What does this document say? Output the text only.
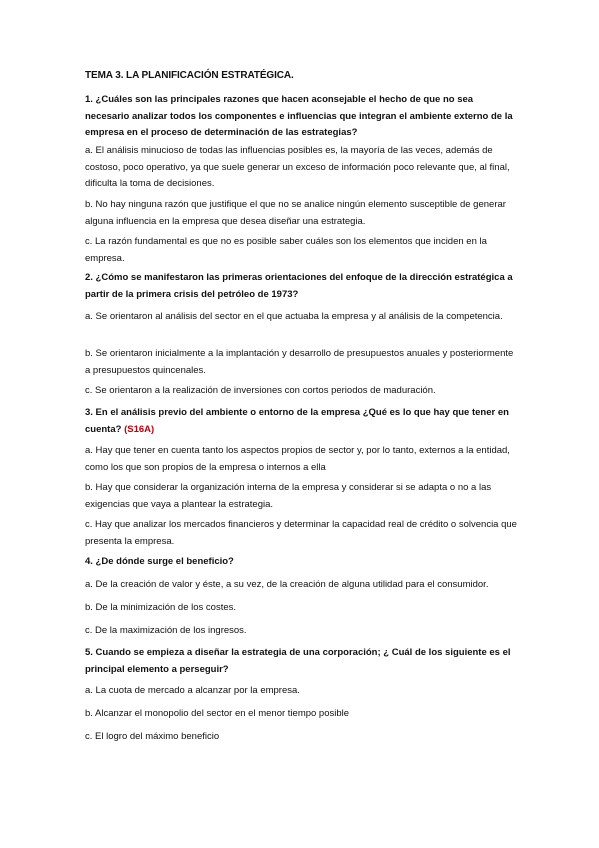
TEMA 3. LA PLANIFICACIÓN ESTRATÉGICA.
1. ¿Cuáles son las principales razones que hacen aconsejable el hecho de que no sea necesario analizar todos los componentes e influencias que integran el ambiente externo de la empresa en el proceso de determinación de las estrategias?
a. El análisis minucioso de todas las influencias posibles es, la mayoría de las veces, además de costoso, poco operativo, ya que suele generar un exceso de información poco relevante que, al final, dificulta la toma de decisiones.
b. No hay ninguna razón que justifique el que no se analice ningún elemento susceptible de generar alguna influencia en la empresa que desea diseñar una estrategia.
c. La razón fundamental es que no es posible saber cuáles son los elementos que inciden en la empresa.
2. ¿Cómo se manifestaron las primeras orientaciones del enfoque de la dirección estratégica a partir de la primera crisis del petróleo de 1973?
a. Se orientaron al análisis del sector en el que actuaba la empresa y al análisis de la competencia.
b. Se orientaron inicialmente a la implantación y desarrollo de presupuestos anuales y posteriormente a presupuestos quincenales.
c. Se orientaron a la realización de inversiones con cortos periodos de maduración.
3. En el análisis previo del ambiente o entorno de la empresa ¿Qué es lo que hay que tener en cuenta? (S16A)
a. Hay que tener en cuenta tanto los aspectos propios de sector y, por lo tanto, externos a la entidad, como los que son propios de la empresa o internos a ella
b. Hay que considerar la organización interna de la empresa y considerar si se adapta o no a las exigencias que vaya a plantear la estrategia.
c. Hay que analizar los mercados financieros y determinar la capacidad real de crédito o solvencia que presenta la empresa.
4. ¿De dónde surge el beneficio?
a. De la creación de valor y éste, a su vez, de la creación de alguna utilidad para el consumidor.
b. De la minimización de los costes.
c. De la maximización de los ingresos.
5. Cuando se empieza a diseñar la estrategia de una corporación; ¿ Cuál de los siguiente es el principal elemento a perseguir?
a. La cuota de mercado a alcanzar por la empresa.
b. Alcanzar el monopolio del sector en el menor tiempo posible
c. El logro del máximo beneficio
